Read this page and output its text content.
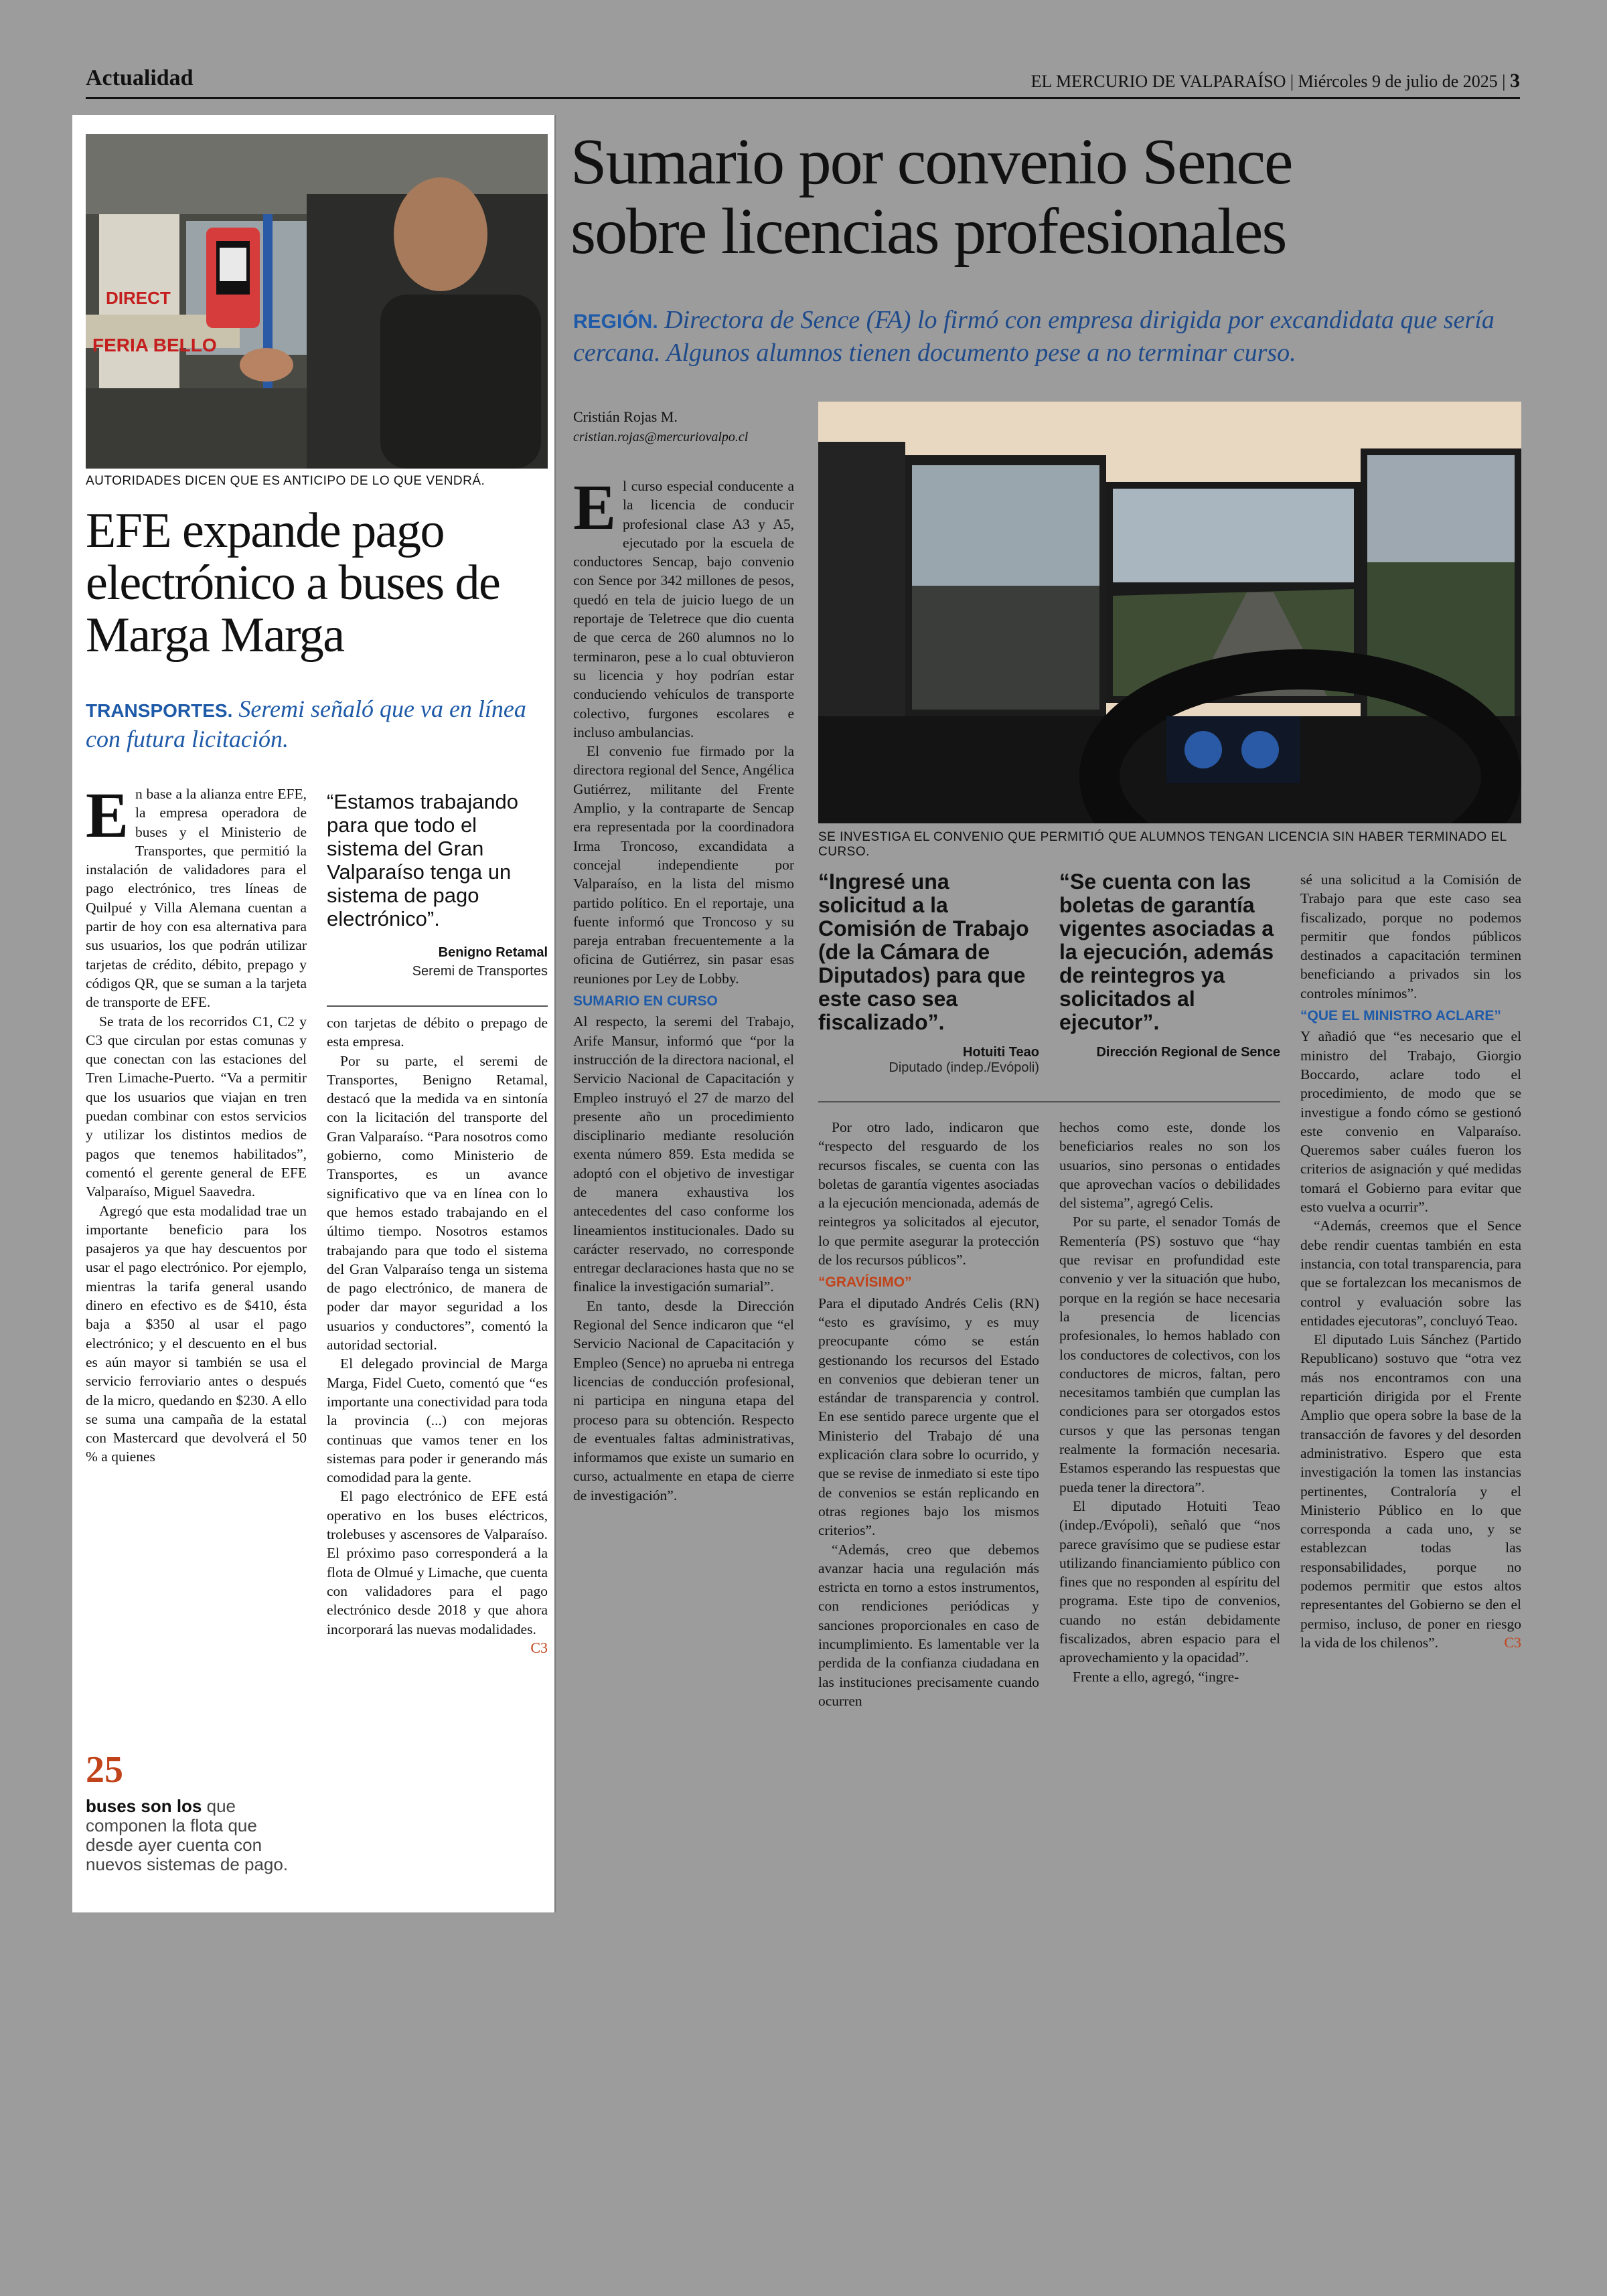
Actualidad	EL MERCURIO DE VALPARAÍSO | Miércoles 9 de julio de 2025 | 3
DIRECT
FERIA BELLO
AUTORIDADES DICEN QUE ES ANTICIPO DE LO QUE VENDRÁ.
EFE expande pago electrónico a buses de Marga Marga
TRANSPORTES. Seremi señaló que va en línea con futura licitación.

En base a la alianza entre EFE, la empresa operadora de buses y el Ministerio de Transportes, que permitió la instalación de validadores para el pago electrónico, tres líneas de Quilpué y Villa Alemana cuentan a partir de hoy con esa alternativa para sus usuarios, los que podrán utilizar tarjetas de crédito, débito, prepago y códigos QR, que se suman a la tarjeta de transporte de EFE.

Se trata de los recorridos C1, C2 y C3 que circulan por estas comunas y que conectan con las estaciones del Tren Limache-Puerto. “Va a permitir que los usuarios que viajan en tren puedan combinar con estos servicios y utilizar los distintos medios de pagos que tenemos habilitados”, comentó el gerente general de EFE Valparaíso, Miguel Saavedra.

Agregó que esta modalidad trae un importante beneficio para los pasajeros ya que hay descuentos por usar el pago electrónico. Por ejemplo, mientras la tarifa general usando dinero en efectivo es de $410, ésta baja a $350 al usar el pago electrónico; y el descuento en el bus es aún mayor si también se usa el servicio ferroviario antes o después de la micro, quedando en $230. A ello se suma una campaña de la estatal con Mastercard que devolverá el 50 % a quienes

25
buses son los que componen la flota que desde ayer cuenta con nuevos sistemas de pago.
“Estamos trabajando para que todo el sistema del Gran Valparaíso tenga un sistema de pago electrónico”.
Benigno Retamal
Seremi de Transportes

con tarjetas de débito o prepago de esta empresa.

Por su parte, el seremi de Transportes, Benigno Retamal, destacó que la medida va en sintonía con la licitación del transporte del Gran Valparaíso. “Para nosotros como gobierno, como Ministerio de Transportes, es un avance significativo que va en línea con lo que hemos estado trabajando en el último tiempo. Nosotros estamos trabajando para que todo el sistema del Gran Valparaíso tenga un sistema de pago electrónico, de manera de poder dar mayor seguridad a los usuarios y conductores”, comentó la autoridad sectorial.

El delegado provincial de Marga Marga, Fidel Cueto, comentó que “es importante una conectividad para toda la provincia (...) con mejoras continuas que vamos tener en los sistemas para poder ir generando más comodidad para la gente.

El pago electrónico de EFE está operativo en los buses eléctricos, trolebuses y ascensores de Valparaíso. El próximo paso corresponderá a la flota de Olmué y Limache, que cuenta con validadores para el pago electrónico desde 2018 y que ahora incorporará las nuevas modalidades.
C3

Sumario por convenio Sence
sobre licencias profesionales
REGIÓN. Directora de Sence (FA) lo firmó con empresa dirigida por excandidata que sería cercana. Algunos alumnos tienen documento pese a no terminar curso.
Cristián Rojas M.
cristian.rojas@mercuriovalpo.cl
SE INVESTIGA EL CONVENIO QUE PERMITIÓ QUE ALUMNOS TENGAN LICENCIA SIN HABER TERMINADO EL CURSO.

El curso especial conducente a la licencia de conducir profesional clase A3 y A5, ejecutado por la escuela de conductores Sencap, bajo convenio con Sence por 342 millones de pesos, quedó en tela de juicio luego de un reportaje de Teletrece que dio cuenta de que cerca de 260 alumnos no lo terminaron, pese a lo cual obtuvieron su licencia y hoy podrían estar conduciendo vehículos de transporte colectivo, furgones escolares e incluso ambulancias.

El convenio fue firmado por la directora regional del Sence, Angélica Gutiérrez, militante del Frente Amplio, y la contraparte de Sencap era representada por la coordinadora Irma Troncoso, excandidata a concejal independiente por Valparaíso, en la lista del mismo partido político. En el reportaje, una fuente informó que Troncoso y su pareja entraban frecuentemente a la oficina de Gutiérrez, sin pasar esas reuniones por Ley de Lobby.

SUMARIO EN CURSO

Al respecto, la seremi del Trabajo, Arife Mansur, informó que “por la instrucción de la directora nacional, el Servicio Nacional de Capacitación y Empleo instruyó el 27 de marzo del presente año un procedimiento disciplinario mediante resolución exenta número 859. Esta medida se adoptó con el objetivo de investigar de manera exhaustiva los antecedentes del caso conforme los lineamientos institucionales. Dado su carácter reservado, no corresponde entregar declaraciones hasta que no se finalice la investigación sumarial”.

En tanto, desde la Dirección Regional del Sence indicaron que “el Servicio Nacional de Capacitación y Empleo (Sence) no aprueba ni entrega licencias de conducción profesional, ni participa en ninguna etapa del proceso para su obtención. Respecto de eventuales faltas administrativas, informamos que existe un sumario en curso, actualmente en etapa de cierre de investigación”.

“Ingresé una solicitud a la Comisión de Trabajo (de la Cámara de Diputados) para que este caso sea fiscalizado”.
Hotuiti Teao
Diputado (indep./Evópoli)
“Se cuenta con las boletas de garantía vigentes asociadas a la ejecución, además de reintegros ya solicitados al ejecutor”.
Dirección Regional de Sence

Por otro lado, indicaron que “respecto del resguardo de los recursos fiscales, se cuenta con las boletas de garantía vigentes asociadas a la ejecución mencionada, además de reintegros ya solicitados al ejecutor, lo que permite asegurar la protección de los recursos públicos”.

“GRAVÍSIMO”

Para el diputado Andrés Celis (RN) “esto es gravísimo, y es muy preocupante cómo se están gestionando los recursos del Estado en convenios que debieran tener un estándar de transparencia y control. En ese sentido parece urgente que el Ministerio del Trabajo dé una explicación clara sobre lo ocurrido, y que se revise de inmediato si este tipo de convenios se están replicando en otras regiones bajo los mismos criterios”.

“Además, creo que debemos avanzar hacia una regulación más estricta en torno a estos instrumentos, con rendiciones periódicas y sanciones proporcionales en caso de incumplimiento. Es lamentable ver la perdida de la confianza ciudadana en las instituciones precisamente cuando ocurren

hechos como este, donde los beneficiarios reales no son los usuarios, sino personas o entidades que aprovechan vacíos o debilidades del sistema”, agregó Celis.

Por su parte, el senador Tomás de Rementería (PS) sostuvo que “hay que revisar en profundidad este convenio y ver la situación que hubo, porque en la región se hace necesaria la presencia de licencias profesionales, lo hemos hablado con los conductores de colectivos, con los conductores de micros, faltan, pero necesitamos también que cumplan las condiciones para ser otorgados estos cursos y que las personas tengan realmente la formación necesaria. Estamos esperando las respuestas que pueda tener la directora”.

El diputado Hotuiti Teao (indep./Evópoli), señaló que “nos parece gravísimo que se pudiese estar utilizando financiamiento público con fines que no responden al espíritu del programa. Este tipo de convenios, cuando no están debidamente fiscalizados, abren espacio para el aprovechamiento y la opacidad”.

Frente a ello, agregó, “ingre-

sé una solicitud a la Comisión de Trabajo para que este caso sea fiscalizado, porque no podemos permitir que fondos públicos destinados a capacitación terminen beneficiando a privados sin los controles mínimos”.

“QUE EL MINISTRO ACLARE”

Y añadió que “es necesario que el ministro del Trabajo, Giorgio Boccardo, aclare todo el procedimiento, de modo que se investigue a fondo cómo se gestionó este convenio en Valparaíso. Queremos saber cuáles fueron los criterios de asignación y qué medidas tomará el Gobierno para evitar que esto vuelva a ocurrir”.

“Además, creemos que el Sence debe rendir cuentas también en esta instancia, con total transparencia, para que se fortalezcan los mecanismos de control y evaluación sobre las entidades ejecutoras”, concluyó Teao.

El diputado Luis Sánchez (Partido Republicano) sostuvo que “otra vez más nos encontramos con una repartición dirigida por el Frente Amplio que opera sobre la base de la transacción de favores y del desorden administrativo. Espero que esta investigación la tomen las instancias pertinentes, Contraloría y el Ministerio Público en lo que corresponda a cada uno, y se establezcan todas las responsabilidades, porque no podemos permitir que estos altos representantes del Gobierno se den el permiso, incluso, de poner en riesgo la vida de los chilenos”.	C3
